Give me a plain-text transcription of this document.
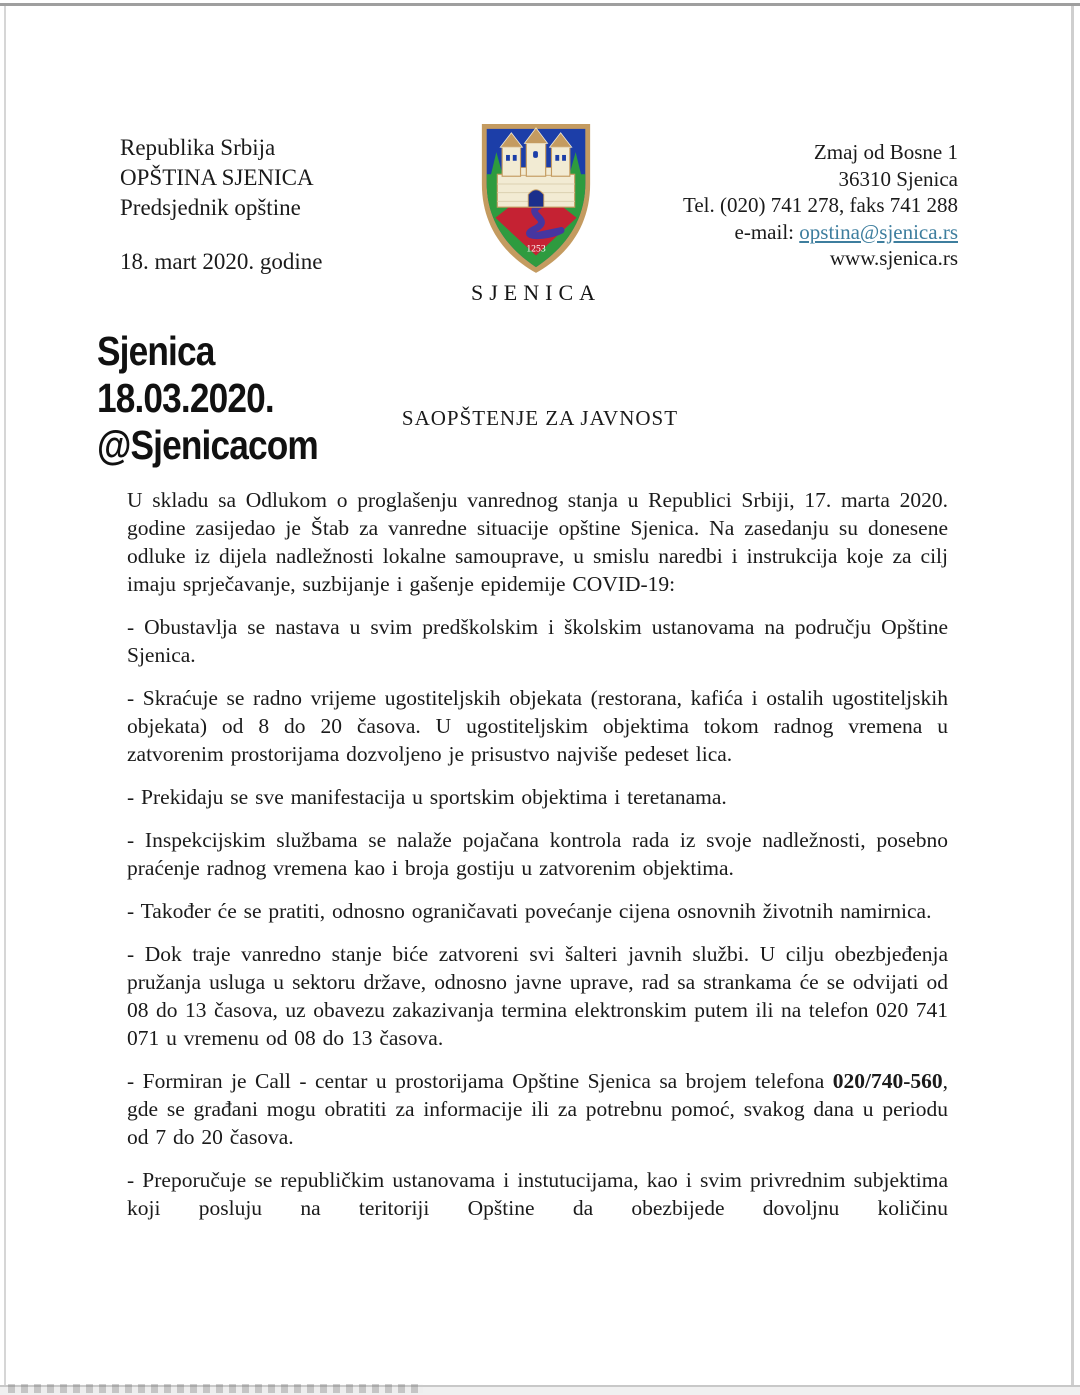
Republika Srbija
OPŠTINA SJENICA
Predsjednik opštine
18. mart 2020. godine	1253
SJENICA
Zmaj od Bosne 1
36310 Sjenica
Tel. (020) 741 278, faks 741 288
e-mail: opstina@sjenica.rs
www.sjenica.rs
Sjenica
18.03.2020.
@Sjenicacom
SAOPŠTENJE ZA JAVNOST

U skladu sa Odlukom o proglašenju vanrednog stanja u Republici Srbiji, 17. marta 2020. godine zasijedao je Štab za vanredne situacije opštine Sjenica. Na zasedanju su donesene odluke iz dijela nadležnosti lokalne samouprave, u smislu naredbi i instrukcija koje za cilj imaju sprječavanje, suzbijanje i gašenje epidemije COVID-19:

- Obustavlja se nastava u svim predškolskim i školskim ustanovama na području Opštine Sjenica.

- Skraćuje se radno vrijeme ugostiteljskih objekata (restorana, kafića i ostalih ugostiteljskih objekata) od 8 do 20 časova. U ugostiteljskim objektima tokom radnog vremena u zatvorenim prostorijama dozvoljeno je prisustvo najviše pedeset lica.

- Prekidaju se sve manifestacija u sportskim objektima i teretanama.

- Inspekcijskim službama se nalaže pojačana kontrola rada iz svoje nadležnosti, posebno praćenje radnog vremena kao i broja gostiju u zatvorenim objektima.

- Također će se pratiti, odnosno ograničavati povećanje cijena osnovnih životnih namirnica.

- Dok traje vanredno stanje biće zatvoreni svi šalteri javnih službi. U cilju obezbjeđenja pružanja usluga u sektoru države, odnosno javne uprave, rad sa strankama će se odvijati od 08 do 13 časova, uz obavezu zakazivanja termina elektronskim putem ili na telefon 020 741 071 u vremenu od 08 do 13 časova.

- Formiran je Call - centar u prostorijama Opštine Sjenica sa brojem telefona 020/740-560, gde se građani mogu obratiti za informacije ili za potrebnu pomoć, svakog dana u periodu od 7 do 20 časova.

- Preporučuje se republičkim ustanovama i instutucijama, kao i svim privrednim subjektima koji posluju na teritoriji Opštine da obezbijede dovoljnu količinu
